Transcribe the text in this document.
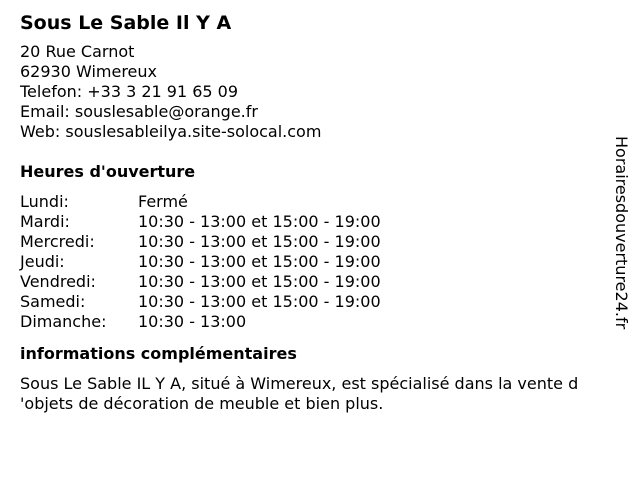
Sous Le Sable Il Y A
20 Rue Carnot
62930 Wimereux
Telefon: +33 3 21 91 65 09
Email: souslesable@orange.fr
Web: souslesableilya.site-solocal.com
Heures d'ouverture
Lundi:	Fermé
Mardi:	10:30 - 13:00 et 15:00 - 19:00
Mercredi:	10:30 - 13:00 et 15:00 - 19:00
Jeudi:	10:30 - 13:00 et 15:00 - 19:00
Vendredi:	10:30 - 13:00 et 15:00 - 19:00
Samedi:	10:30 - 13:00 et 15:00 - 19:00
Dimanche:	10:30 - 13:00
informations complémentaires
Sous Le Sable IL Y A, situé à Wimereux, est spécialisé dans la vente d
'objets de décoration de meuble et bien plus.
Horairesdouverture24.fr
